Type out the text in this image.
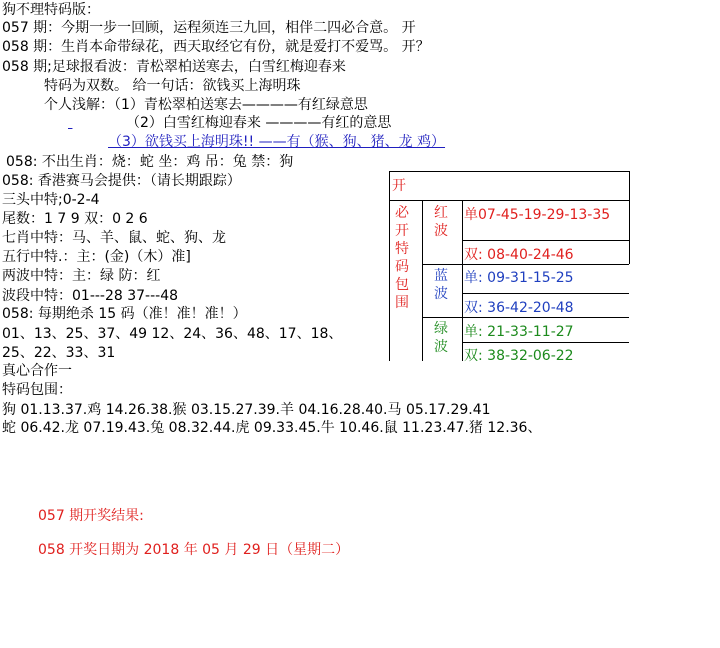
狗不理特码版：
057 期：今期一步一回顾，运程须连三九回，相伴二四必合意。 开
058 期：生肖本命带绿花，西天取经它有份，就是爱打不爱骂。 开？
058 期;足球报看波：青松翠柏送寒去，白雪红梅迎春来
特码为双数。 给一句话：欲钱买上海明珠
个人浅解：（1）青松翠柏送寒去————有红绿意思

（2）白雪红梅迎春来 ————有红的意思
（3）欲钱买上海明珠!! ——有（猴、狗、猪、龙 鸡）
058: 不出生肖：烧：蛇 坐：鸡 吊：兔 禁：狗
058: 香港赛马会提供：（请长期跟踪）
三头中特;0-2-4
尾数：1 7 9 双：0 2 6
七肖中特：马、羊、鼠、蛇、狗、龙
五行中特.：主：(金)（木）准]
两波中特：主：绿 防：红
波段中特：01---28 37---48
058: 每期绝杀 15 码（准！准！准！）
01、13、25、37、49 12、24、36、48、17、18、
25、22、33、31
真心合作一
特码包围：
狗 01.13.37.鸡 14.26.38.猴 03.15.27.39.羊 04.16.28.40.马 05.17.29.41
蛇 06.42.龙 07.19.43.兔 08.32.44.虎 09.33.45.牛 10.46.鼠 11.23.47.猪 12.36、
057 期开奖结果:
058 开奖日期为 2018 年 05 月 29 日（星期二）
开
必开特码包围
红波
蓝波
绿波
单07-45-19-29-13-35
双: 08-40-24-46
单: 09-31-15-25
双: 36-42-20-48
单: 21-33-11-27
双: 38-32-06-22
